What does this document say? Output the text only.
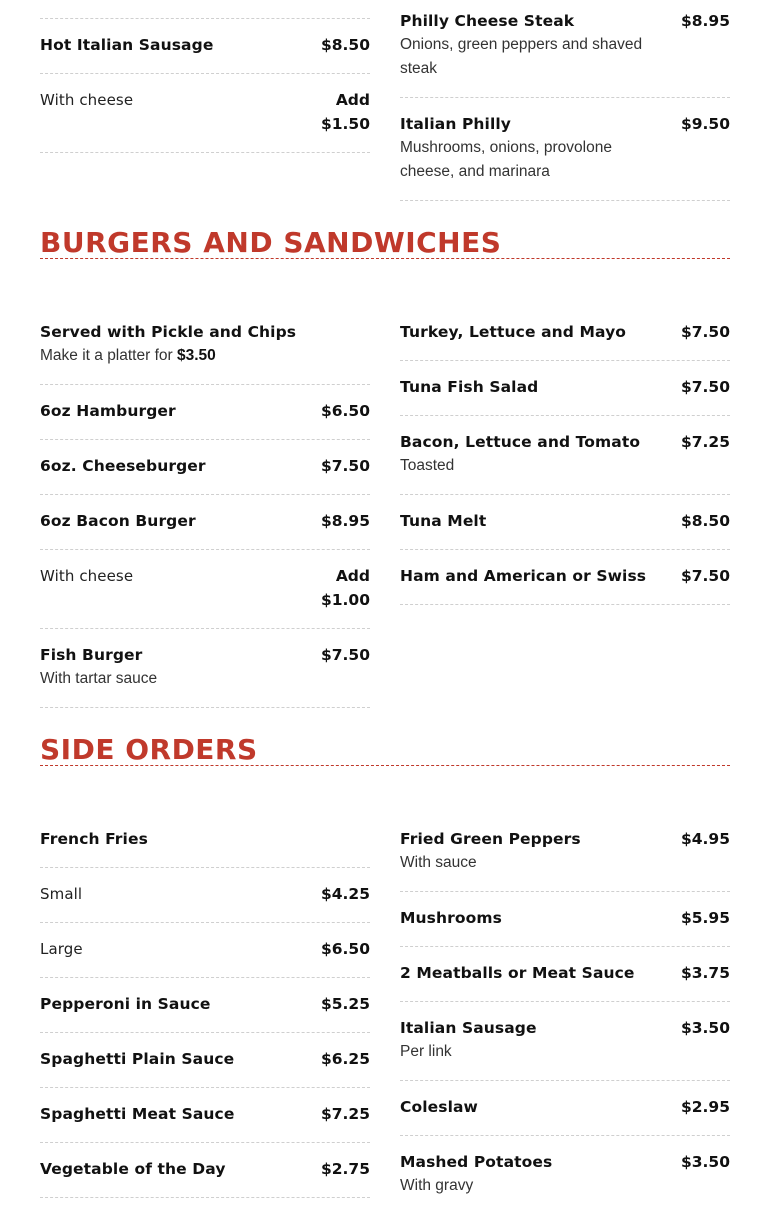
Hot Italian Sausage	$8.50
With cheese	Add
$1.50
Philly Cheese Steak	$8.95
Onions, green peppers and shaved steak
Italian Philly	$9.50
Mushrooms, onions, provolone cheese, and marinara
BURGERS AND SANDWICHES
Served with Pickle and Chips
Make it a platter for $3.50
6oz Hamburger	$6.50
6oz. Cheeseburger	$7.50
6oz Bacon Burger	$8.95
With cheese	Add
$1.00
Fish Burger	$7.50
With tartar sauce
Turkey, Lettuce and Mayo	$7.50
Tuna Fish Salad	$7.50
Bacon, Lettuce and Tomato	$7.25
Toasted
Tuna Melt	$8.50
Ham and American or Swiss $7.50
SIDE ORDERS
French Fries
Small	$4.25
Large	$6.50
Pepperoni in Sauce	$5.25
Spaghetti Plain Sauce	$6.25
Spaghetti Meat Sauce	$7.25
Vegetable of the Day	$2.75
Fried Green Peppers	$4.95
With sauce
Mushrooms	$5.95
2 Meatballs or Meat Sauce	$3.75
Italian Sausage	$3.50
Per link
Coleslaw	$2.95
Mashed Potatoes	$3.50
With gravy
